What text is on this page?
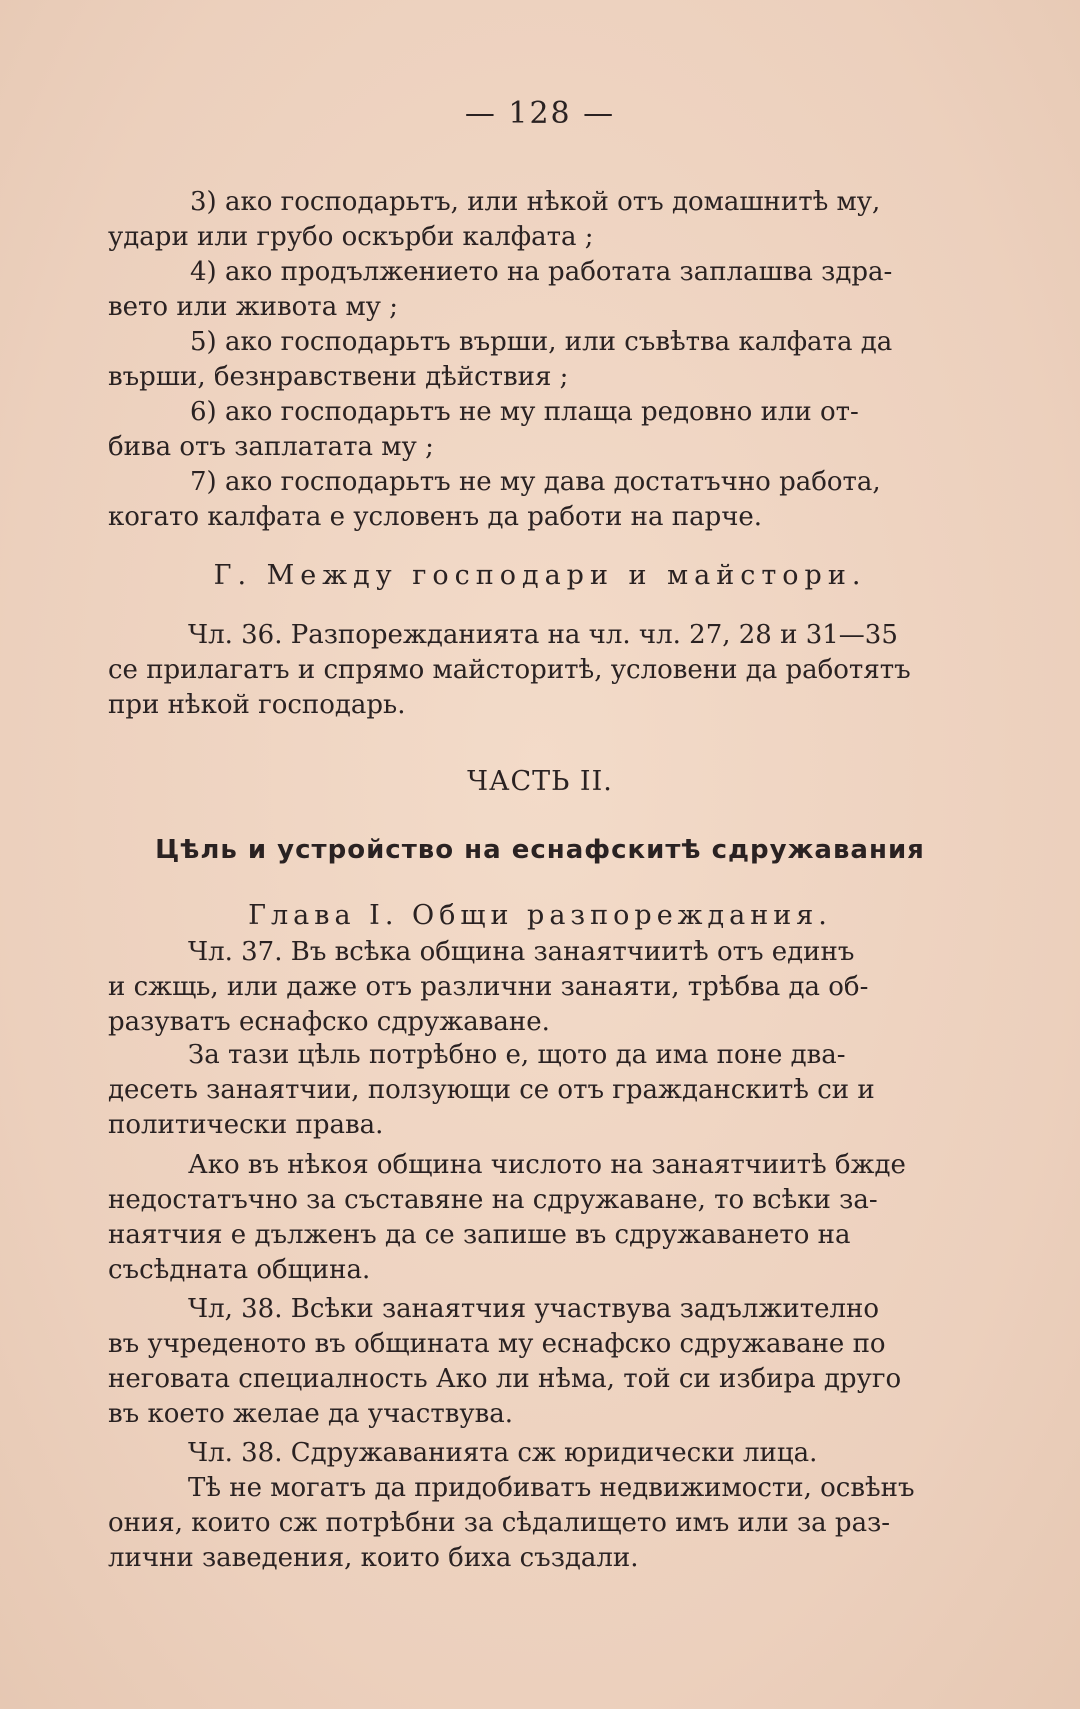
— 128 —
3) ако господарьтъ, или нѣкой отъ домашнитѣ му,
удари или грубо оскърби калфата ;
4) ако продължението на работата заплашва здра-
вето или живота му ;
5) ако господарьтъ върши, или съвѣтва калфата да
върши, безнравствени дѣйствия ;
6) ако господарьтъ не му плаща редовно или от-
бива отъ заплатата му ;
7) ако господарьтъ не му дава достатъчно работа,
когато калфата е условенъ да работи на парче.
Г. Между господари и майстори.
Чл. 36. Разпорежданията на чл. чл. 27, 28 и 31—35
се прилагатъ и спрямо майсторитѣ, условени да работятъ
при нѣкой господарь.
ЧАСТЬ II.
Цѣль и устройство на еснафскитѣ сдружавания
Глава I. Общи разпореждания.
Чл. 37. Въ всѣка община занаятчиитѣ отъ единъ
и сжщь, или даже отъ различни занаяти, трѣбва да об-
разуватъ еснафско сдружаване.
За тази цѣль потрѣбно е, щото да има поне два-
десеть занаятчии, ползующи се отъ гражданскитѣ си и
политически права.
Ако въ нѣкоя община числото на занаятчиитѣ бжде
недостатъчно за съставяне на сдружаване, то всѣки за-
наятчия е дълженъ да се запише въ сдружаването на
съсѣдната община.
Чл, 38. Всѣки занаятчия участвува задължително
въ учреденото въ общината му еснафско сдружаване по
неговата специалность Ако ли нѣма, той си избира друго
въ което желае да участвува.
Чл. 38. Сдружаванията сж юридически лица.
Тѣ не могатъ да придобиватъ недвижимости, освѣнъ
ония, които сж потрѣбни за сѣдалището имъ или за раз-
лични заведения, които биха създали.
